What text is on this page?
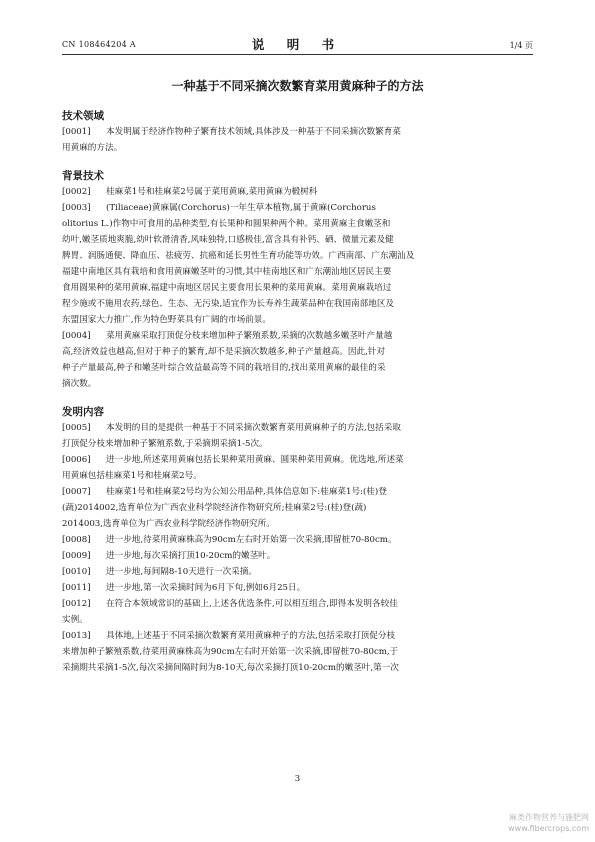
CN 108464204 A	说 明 书	1/4 页
一种基于不同采摘次数繁育菜用黄麻种子的方法
技术领域
[0001] 本发明属于经济作物种子繁育技术领域,具体涉及一种基于不同采摘次数繁育菜
用黄麻的方法。
背景技术
[0002] 桂麻菜1号和桂麻菜2号属于菜用黄麻,菜用黄麻为椴树科
[0003] (Tiliaceae)黄麻属(Corchorus)一年生草本植物,属于黄麻(Corchorus
olitorius L.)作物中可食用的品种类型,有长果种和圆果种两个种。菜用黄麻主食嫩茎和
幼叶,嫩茎质地爽脆,幼叶软滑清香,风味独特,口感极佳,富含具有补钙、硒、微量元素及健
脾胃、润肠通便、降血压、祛疲劳、抗癌和延长男性生育功能等功效。广西南部、广东潮汕及
福建中南地区具有栽培和食用黄麻嫩茎叶的习惯,其中桂南地区和广东潮汕地区居民主要
食用圆果种的菜用黄麻,福建中南地区居民主要食用长果种的菜用黄麻。菜用黄麻栽培过
程少施或不施用农药,绿色、生态、无污染,适宜作为长寿养生蔬菜品种在我国南部地区及
东盟国家大力推广,作为特色野菜具有广阔的市场前景。
[0004] 菜用黄麻采取打顶促分枝来增加种子繁殖系数,采摘的次数越多嫩茎叶产量越
高,经济效益也越高,但对于种子的繁育,却不是采摘次数越多,种子产量越高。因此,针对
种子产量最高,种子和嫩茎叶综合效益最高等不同的栽培目的,找出菜用黄麻的最佳的采
摘次数。
发明内容
[0005] 本发明的目的是提供一种基于不同采摘次数繁育菜用黄麻种子的方法,包括采取
打顶促分枝来增加种子繁殖系数,于采摘期采摘1-5次。
[0006] 进一步地,所述菜用黄麻包括长果种菜用黄麻、圆果种菜用黄麻。优选地,所述菜
用黄麻包括桂麻菜1号和桂麻菜2号。
[0007] 桂麻菜1号和桂麻菜2号均为公知公用品种,具体信息如下:桂麻菜1号:(桂)登
(蔬)2014002,选育单位为广西农业科学院经济作物研究所;桂麻菜2号:(桂)登(蔬)
2014003,选育单位为广西农业科学院经济作物研究所。
[0008] 进一步地,待菜用黄麻株高为90cm左右时开始第一次采摘,即留桩70-80cm。
[0009] 进一步地,每次采摘打顶10-20cm的嫩茎叶。
[0010] 进一步地,每间隔8-10天进行一次采摘。
[0011] 进一步地,第一次采摘时间为6月下旬,例如6月25日。
[0012] 在符合本领域常识的基础上,上述各优选条件,可以相互组合,即得本发明各较佳
实例。
[0013] 具体地,上述基于不同采摘次数繁育菜用黄麻种子的方法,包括采取打顶促分枝
来增加种子繁殖系数,待菜用黄麻株高为90cm左右时开始第一次采摘,即留桩70-80cm,于
采摘期共采摘1-5次,每次采摘间隔时间为8-10天,每次采摘打顶10-20cm的嫩茎叶,第一次
3
麻类作物营养与施肥网
www.fibercrops.com
